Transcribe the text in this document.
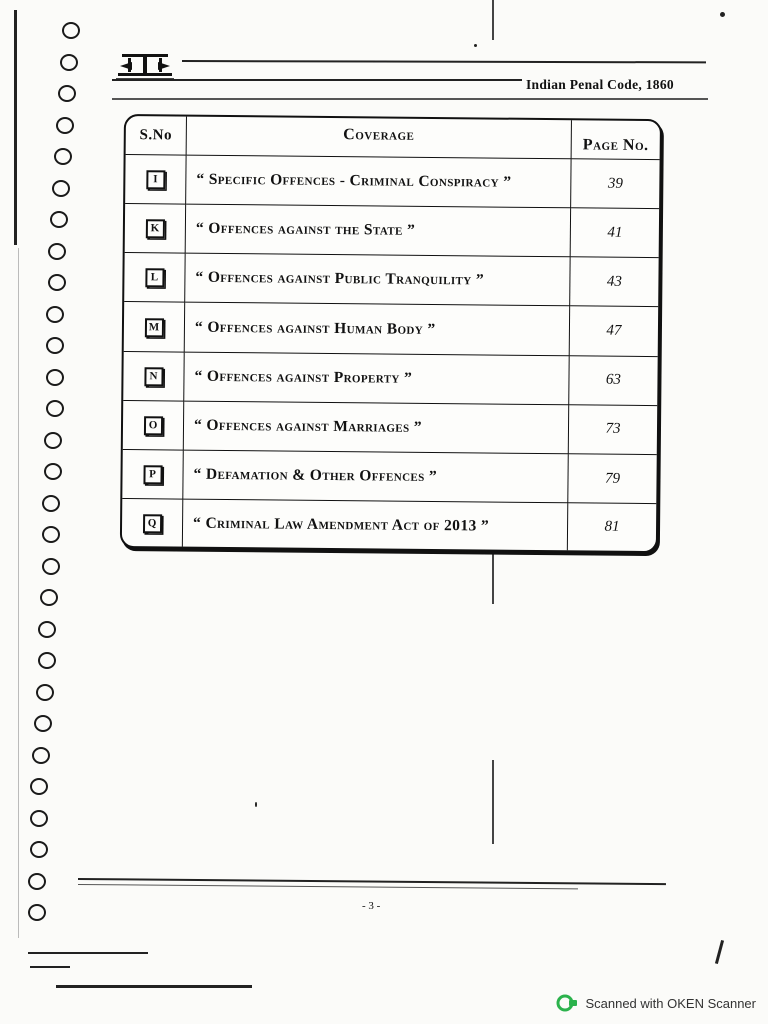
Indian Penal Code, 1860
S.No	Coverage	Page No.
I	“ Specific Offences - Criminal Conspiracy ”	39
K	“ Offences against the State ”	41
L	“ Offences against Public Tranquility ”	43
M	“ Offences against Human Body ”	47
N	“ Offences against Property ”	63
O	“ Offences against Marriages ”	73
P	“ Defamation & Other Offences ”	79
Q	“ Criminal Law Amendment Act of 2013 ”	81
- 3 -
Scanned with OKEN Scanner
